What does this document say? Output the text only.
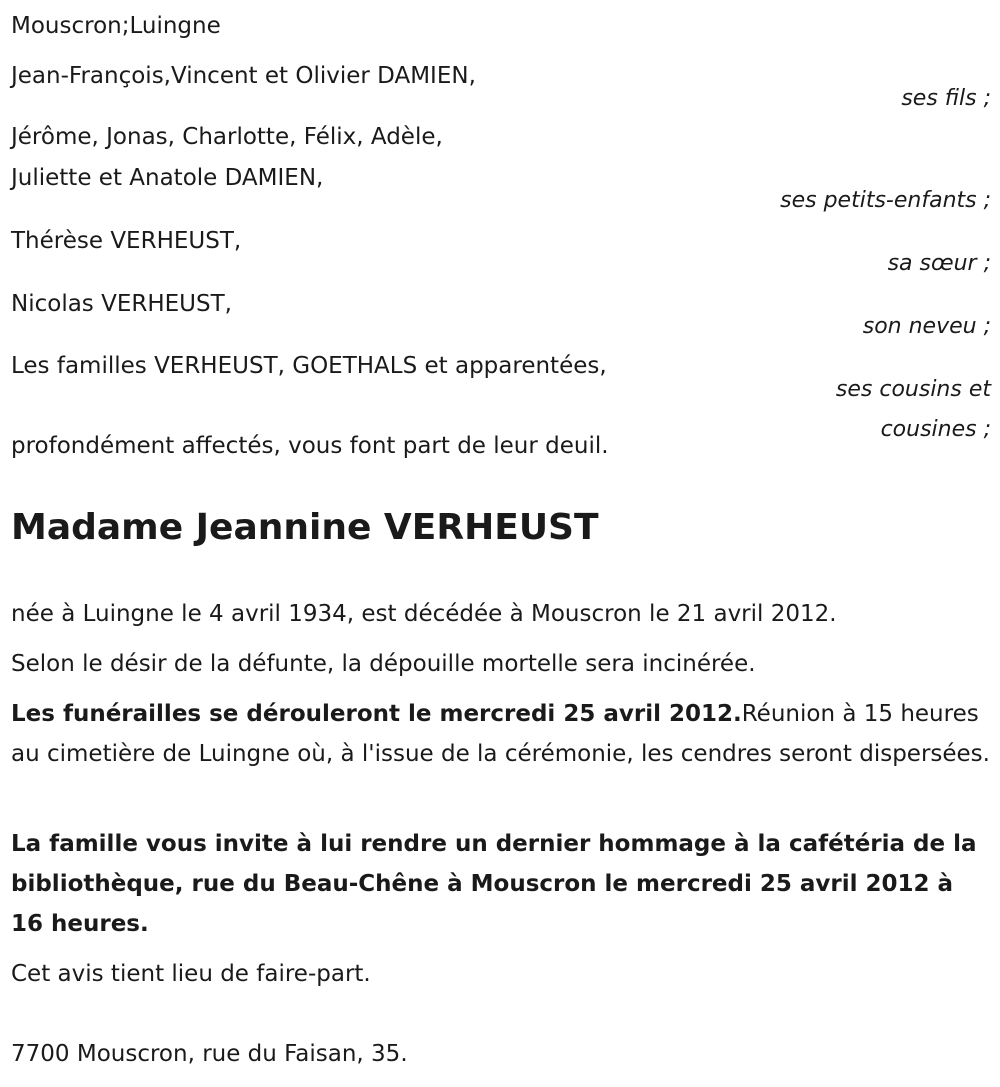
Mouscron;Luingne
Jean-François,Vincent et Olivier DAMIEN,
ses fils ;
Jérôme, Jonas, Charlotte, Félix, Adèle,
Juliette et Anatole DAMIEN,
ses petits-enfants ;
Thérèse VERHEUST,
sa sœur ;
Nicolas VERHEUST,
son neveu ;
Les familles VERHEUST, GOETHALS et apparentées,
ses cousins et
cousines ;
profondément affectés, vous font part de leur deuil.
Madame Jeannine VERHEUST
née à Luingne le 4 avril 1934, est décédée à Mouscron le 21 avril 2012.
Selon le désir de la défunte, la dépouille mortelle sera incinérée.
Les funérailles se dérouleront le mercredi 25 avril 2012.Réunion à 15 heures au cimetière de Luingne où, à l'issue de la cérémonie, les cendres seront dispersées.
La famille vous invite à lui rendre un dernier hommage à la cafétéria de la bibliothèque, rue du Beau-Chêne à Mouscron le mercredi 25 avril 2012 à 16 heures.
Cet avis tient lieu de faire-part.
7700 Mouscron, rue du Faisan, 35.
